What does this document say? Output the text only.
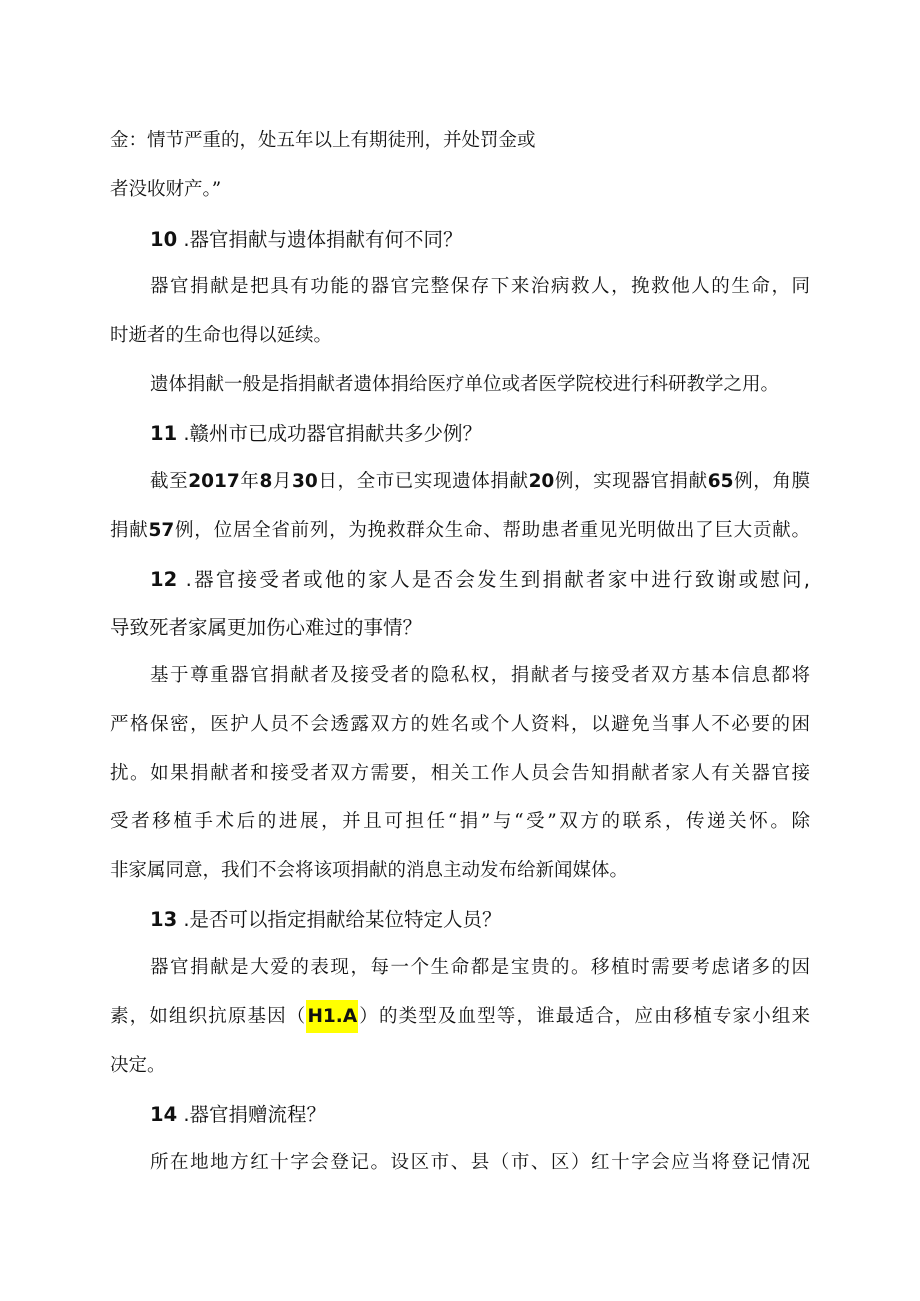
金：情节严重的，处五年以上有期徒刑，并处罚金或
者没收财产。”
10 .器官捐献与遗体捐献有何不同？
器官捐献是把具有功能的器官完整保存下来治病救人，挽救他人的生命，同
时逝者的生命也得以延续。
遗体捐献一般是指捐献者遗体捐给医疗单位或者医学院校进行科研教学之用。
11 .赣州市已成功器官捐献共多少例？
截至2017年8月30日，全市已实现遗体捐献20例，实现器官捐献65例，角膜
捐献57例，位居全省前列，为挽救群众生命、帮助患者重见光明做出了巨大贡献。
12 .器官接受者或他的家人是否会发生到捐献者家中进行致谢或慰问,
导致死者家属更加伤心难过的事情？
基于尊重器官捐献者及接受者的隐私权，捐献者与接受者双方基本信息都将
严格保密，医护人员不会透露双方的姓名或个人资料，以避免当事人不必要的困
扰。如果捐献者和接受者双方需要，相关工作人员会告知捐献者家人有关器官接
受者移植手术后的进展，并且可担任“捐”与“受”双方的联系，传递关怀。除
非家属同意，我们不会将该项捐献的消息主动发布给新闻媒体。
13 .是否可以指定捐献给某位特定人员？
器官捐献是大爱的表现，每一个生命都是宝贵的。移植时需要考虑诸多的因
素，如组织抗原基因（H1.A）的类型及血型等，谁最适合，应由移植专家小组来
决定。
14 .器官捐赠流程？
所在地地方红十字会登记。设区市、县（市、区）红十字会应当将登记情况
